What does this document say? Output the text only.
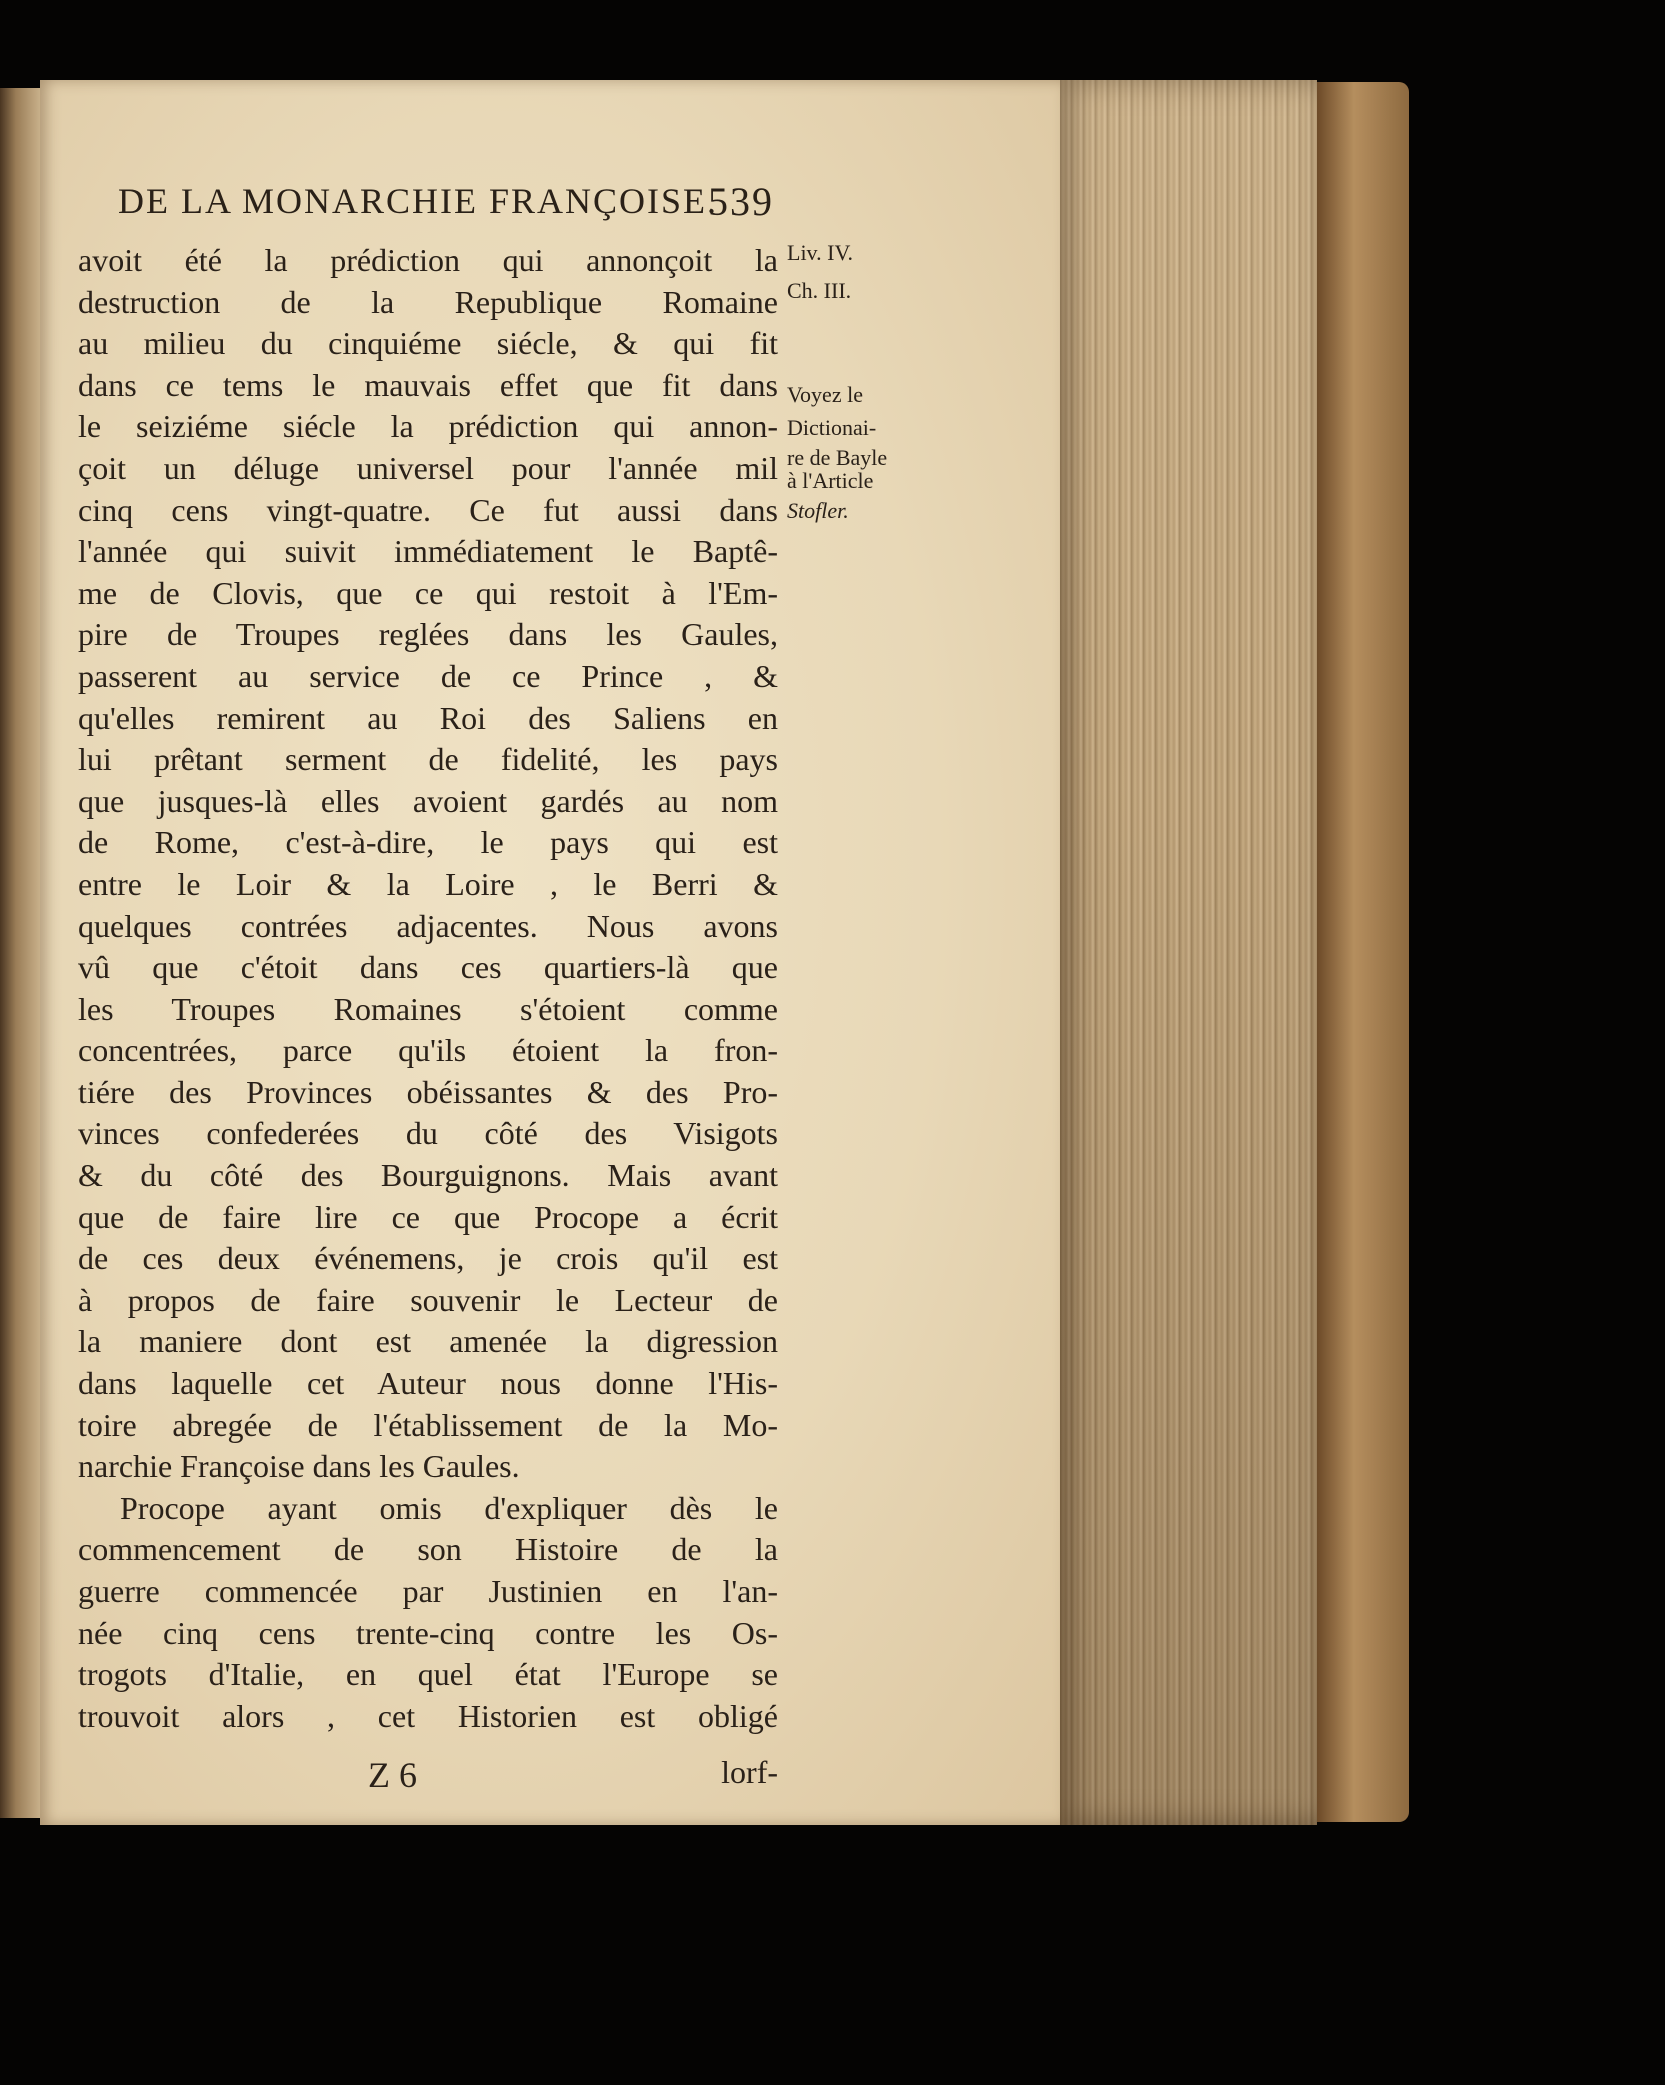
DE LA MONARCHIE FRANÇOISE.
539
avoit été la prédiction qui annonçoit la
destruction de la Republique Romaine
au milieu du cinquiéme siécle, & qui fit
dans ce tems le mauvais effet que fit dans
le seiziéme siécle la prédiction qui annon-
çoit un déluge universel pour l'année mil
cinq cens vingt-quatre. Ce fut aussi dans
l'année qui suivit immédiatement le Baptê-
me de Clovis, que ce qui restoit à l'Em-
pire de Troupes reglées dans les Gaules,
passerent au service de ce Prince , &
qu'elles remirent au Roi des Saliens en
lui prêtant serment de fidelité, les pays
que jusques-là elles avoient gardés au nom
de Rome, c'est-à-dire, le pays qui est
entre le Loir & la Loire , le Berri &
quelques contrées adjacentes. Nous avons
vû que c'étoit dans ces quartiers-là que
les Troupes Romaines s'étoient comme
concentrées, parce qu'ils étoient la fron-
tiére des Provinces obéissantes & des Pro-
vinces confederées du côté des Visigots
& du côté des Bourguignons. Mais avant
que de faire lire ce que Procope a écrit
de ces deux événemens, je crois qu'il est
à propos de faire souvenir le Lecteur de
la maniere dont est amenée la digression
dans laquelle cet Auteur nous donne l'His-
toire abregée de l'établissement de la Mo-
narchie Françoise dans les Gaules.
Procope ayant omis d'expliquer dès le
commencement de son Histoire de la
guerre commencée par Justinien en l'an-
née cinq cens trente-cinq contre les Os-
trogots d'Italie, en quel état l'Europe se
trouvoit alors , cet Historien est obligé
Liv. IV.
Ch. III.
Voyez le
Dictionai-
re de Bayle
à l'Article
Stofler.
Z 6	lorf-
